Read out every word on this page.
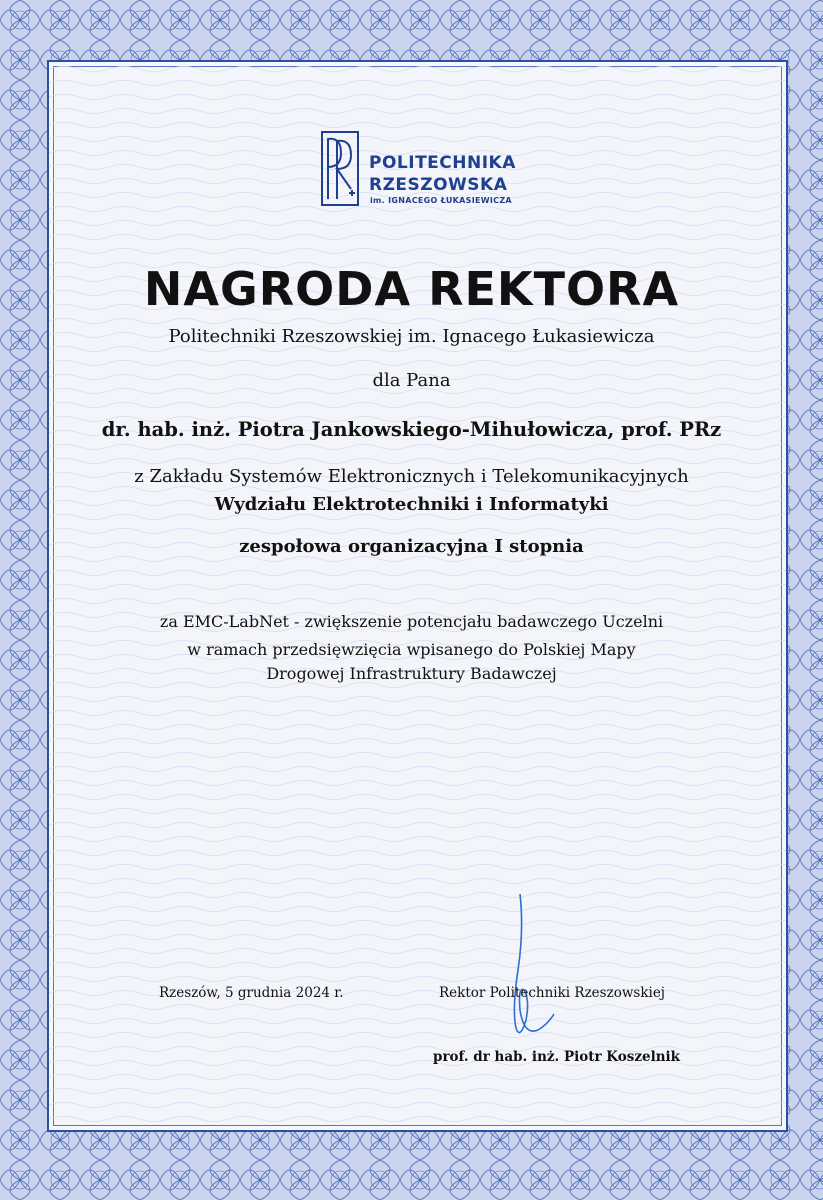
POLITECHNIKA
RZESZOWSKA
im. IGNACEGO ŁUKASIEWICZA
NAGRODA REKTORA
Politechniki Rzeszowskiej im. Ignacego Łukasiewicza
dla Pana
dr. hab. inż. Piotra Jankowskiego-Mihułowicza, prof. PRz
z Zakładu Systemów Elektronicznych i Telekomunikacyjnych
Wydziału Elektrotechniki i Informatyki
zespołowa organizacyjna I stopnia
za EMC-LabNet - zwiększenie potencjału badawczego Uczelni
w ramach przedsięwzięcia wpisanego do Polskiej Mapy
Drogowej Infrastruktury Badawczej
Rzeszów, 5 grudnia 2024 r.	Rektor Politechniki Rzeszowskiej
prof. dr hab. inż. Piotr Koszelnik
